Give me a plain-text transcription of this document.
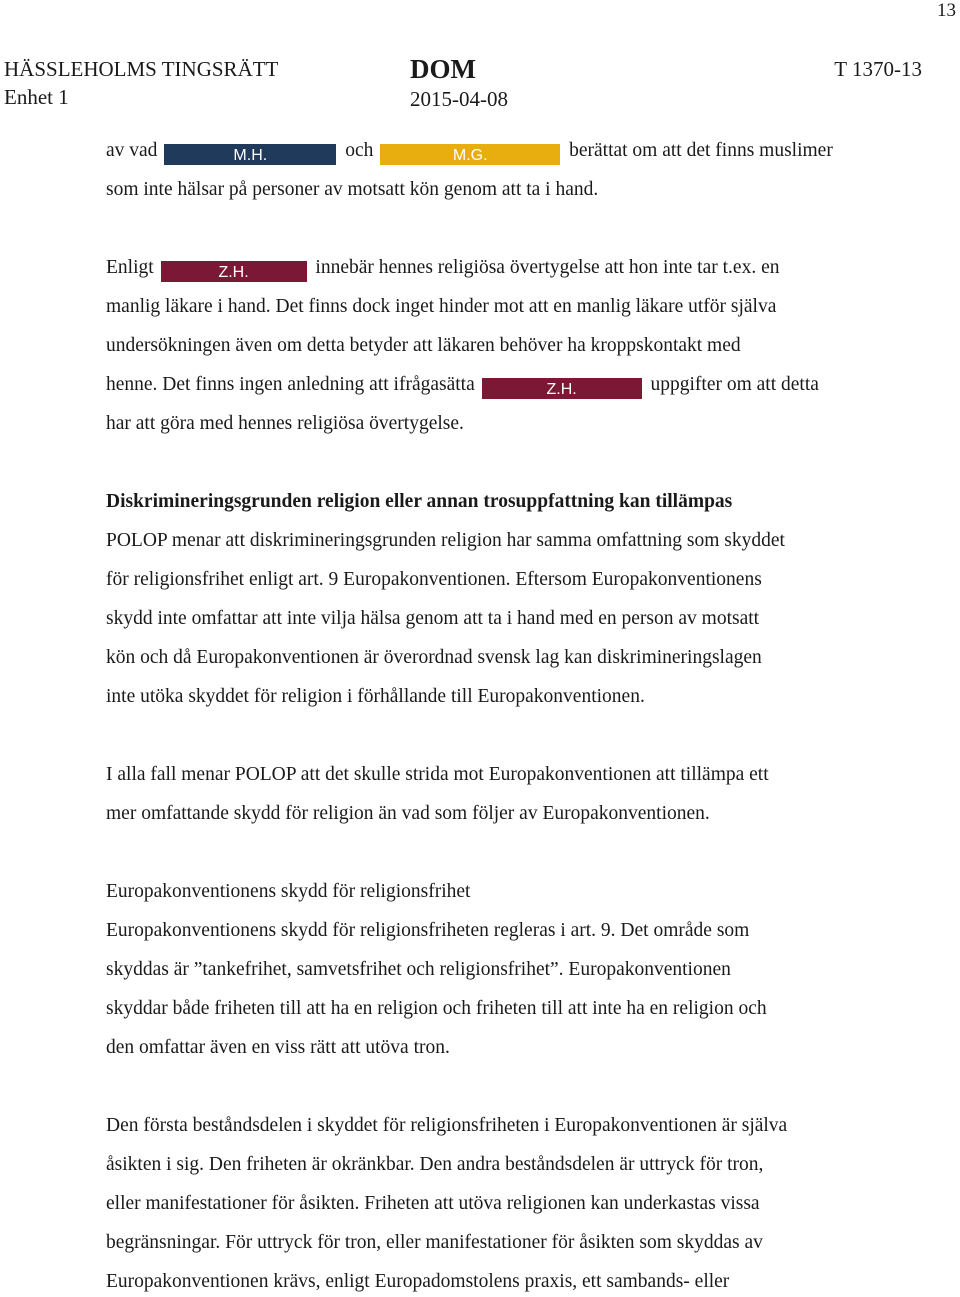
13
HÄSSLEHOLMS TINGSRÄTT
Enhet 1
DOM
2015-04-08
T 1370-13
av vad	M.H.	och	M.G.	berättat om att det finns muslimer
som inte hälsar på personer av motsatt kön genom att ta i hand.
Enligt	Z.H.	innebär hennes religiösa övertygelse att hon inte tar t.ex. en
manlig läkare i hand. Det finns dock inget hinder mot att en manlig läkare utför själva
undersökningen även om detta betyder att läkaren behöver ha kroppskontakt med
henne. Det finns ingen anledning att ifrågasätta	Z.H.	uppgifter om att detta
har att göra med hennes religiösa övertygelse.
Diskrimineringsgrunden religion eller annan trosuppfattning kan tillämpas
POLOP menar att diskrimineringsgrunden religion har samma omfattning som skyddet
för religionsfrihet enligt art. 9 Europakonventionen. Eftersom Europakonventionens
skydd inte omfattar att inte vilja hälsa genom att ta i hand med en person av motsatt
kön och då Europakonventionen är överordnad svensk lag kan diskrimineringslagen
inte utöka skyddet för religion i förhållande till Europakonventionen.
I alla fall menar POLOP att det skulle strida mot Europakonventionen att tillämpa ett
mer omfattande skydd för religion än vad som följer av Europakonventionen.
Europakonventionens skydd för religionsfrihet
Europakonventionens skydd för religionsfriheten regleras i art. 9. Det område som
skyddas är ”tankefrihet, samvetsfrihet och religionsfrihet”. Europakonventionen
skyddar både friheten till att ha en religion och friheten till att inte ha en religion och
den omfattar även en viss rätt att utöva tron.
Den första beståndsdelen i skyddet för religionsfriheten i Europakonventionen är själva
åsikten i sig. Den friheten är okränkbar. Den andra beståndsdelen är uttryck för tron,
eller manifestationer för åsikten. Friheten att utöva religionen kan underkastas vissa
begränsningar. För uttryck för tron, eller manifestationer för åsikten som skyddas av
Europakonventionen krävs, enligt Europadomstolens praxis, ett sambands- eller
